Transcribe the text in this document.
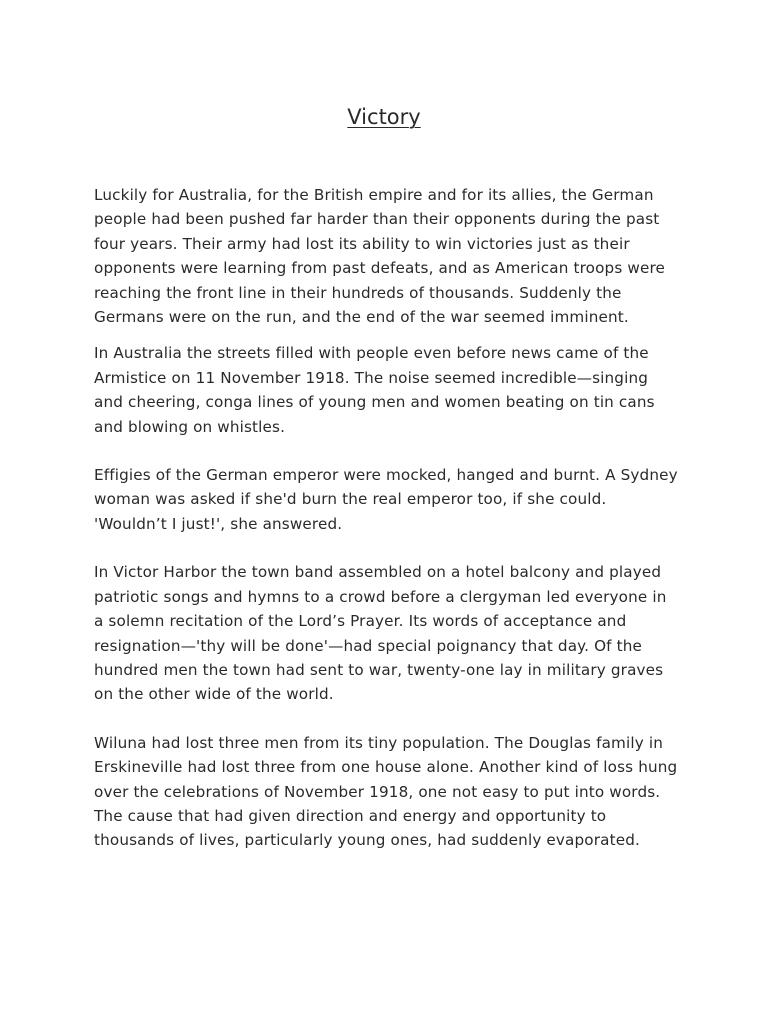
Victory

Luckily for Australia, for the British empire and for its allies, the German people had been pushed far harder than their opponents during the past four years. Their army had lost its ability to win victories just as their opponents were learning from past defeats, and as American troops were reaching the front line in their hundreds of thousands. Suddenly the Germans were on the run, and the end of the war seemed imminent.

In Australia the streets filled with people even before news came of the Armistice on 11 November 1918. The noise seemed incredible—singing and cheering, conga lines of young men and women beating on tin cans and blowing on whistles.

Effigies of the German emperor were mocked, hanged and burnt. A Sydney woman was asked if she'd burn the real emperor too, if she could. 'Wouldn’t I just!', she answered.

In Victor Harbor the town band assembled on a hotel balcony and played patriotic songs and hymns to a crowd before a clergyman led everyone in a solemn recitation of the Lord’s Prayer. Its words of acceptance and resignation—'thy will be done'—had special poignancy that day. Of the hundred men the town had sent to war, twenty-one lay in military graves on the other wide of the world.

Wiluna had lost three men from its tiny population. The Douglas family in Erskineville had lost three from one house alone. Another kind of loss hung over the celebrations of November 1918, one not easy to put into words. The cause that had given direction and energy and opportunity to thousands of lives, particularly young ones, had suddenly evaporated.
